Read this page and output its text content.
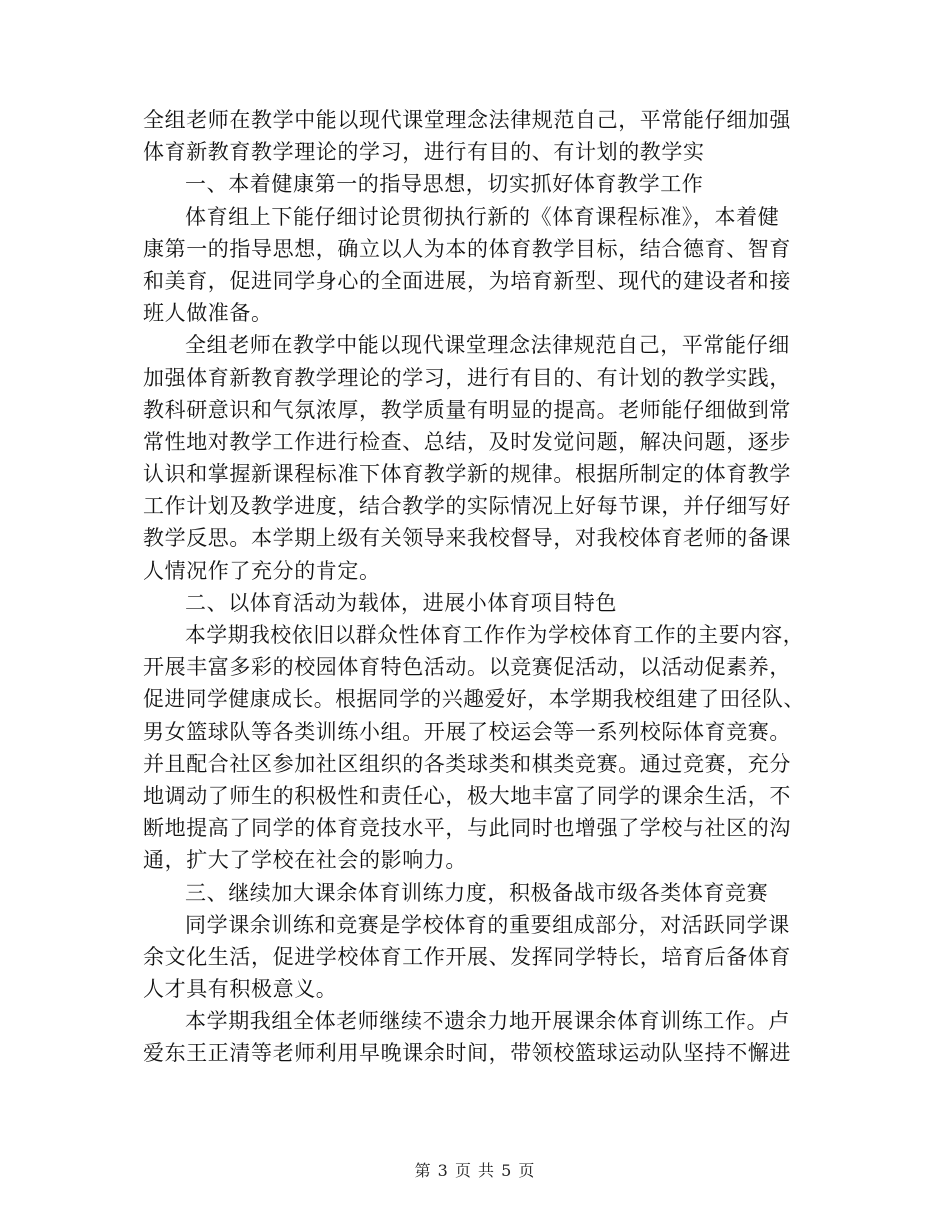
全组老师在教学中能以现代课堂理念法律规范自己，平常能仔细加强
体育新教育教学理论的学习，进行有目的、有计划的教学实
一、本着健康第一的指导思想，切实抓好体育教学工作
体育组上下能仔细讨论贯彻执行新的《体育课程标准》，本着健
康第一的指导思想，确立以人为本的体育教学目标，结合德育、智育
和美育，促进同学身心的全面进展，为培育新型、现代的建设者和接
班人做准备。
全组老师在教学中能以现代课堂理念法律规范自己，平常能仔细
加强体育新教育教学理论的学习，进行有目的、有计划的教学实践，
教科研意识和气氛浓厚，教学质量有明显的提高。老师能仔细做到常
常性地对教学工作进行检查、总结，及时发觉问题，解决问题，逐步
认识和掌握新课程标准下体育教学新的规律。根据所制定的体育教学
工作计划及教学进度，结合教学的实际情况上好每节课，并仔细写好
教学反思。本学期上级有关领导来我校督导，对我校体育老师的备课
人情况作了充分的肯定。
二、以体育活动为载体，进展小体育项目特色
本学期我校依旧以群众性体育工作作为学校体育工作的主要内容，
开展丰富多彩的校园体育特色活动。以竞赛促活动，以活动促素养，
促进同学健康成长。根据同学的兴趣爱好，本学期我校组建了田径队、
男女篮球队等各类训练小组。开展了校运会等一系列校际体育竞赛。
并且配合社区参加社区组织的各类球类和棋类竞赛。通过竞赛，充分
地调动了师生的积极性和责任心，极大地丰富了同学的课余生活，不
断地提高了同学的体育竞技水平，与此同时也增强了学校与社区的沟
通，扩大了学校在社会的影响力。
三、继续加大课余体育训练力度，积极备战市级各类体育竞赛
同学课余训练和竞赛是学校体育的重要组成部分，对活跃同学课
余文化生活，促进学校体育工作开展、发挥同学特长，培育后备体育
人才具有积极意义。
本学期我组全体老师继续不遗余力地开展课余体育训练工作。卢
爱东王正清等老师利用早晚课余时间，带领校篮球运动队坚持不懈进
第 3 页 共 5 页
